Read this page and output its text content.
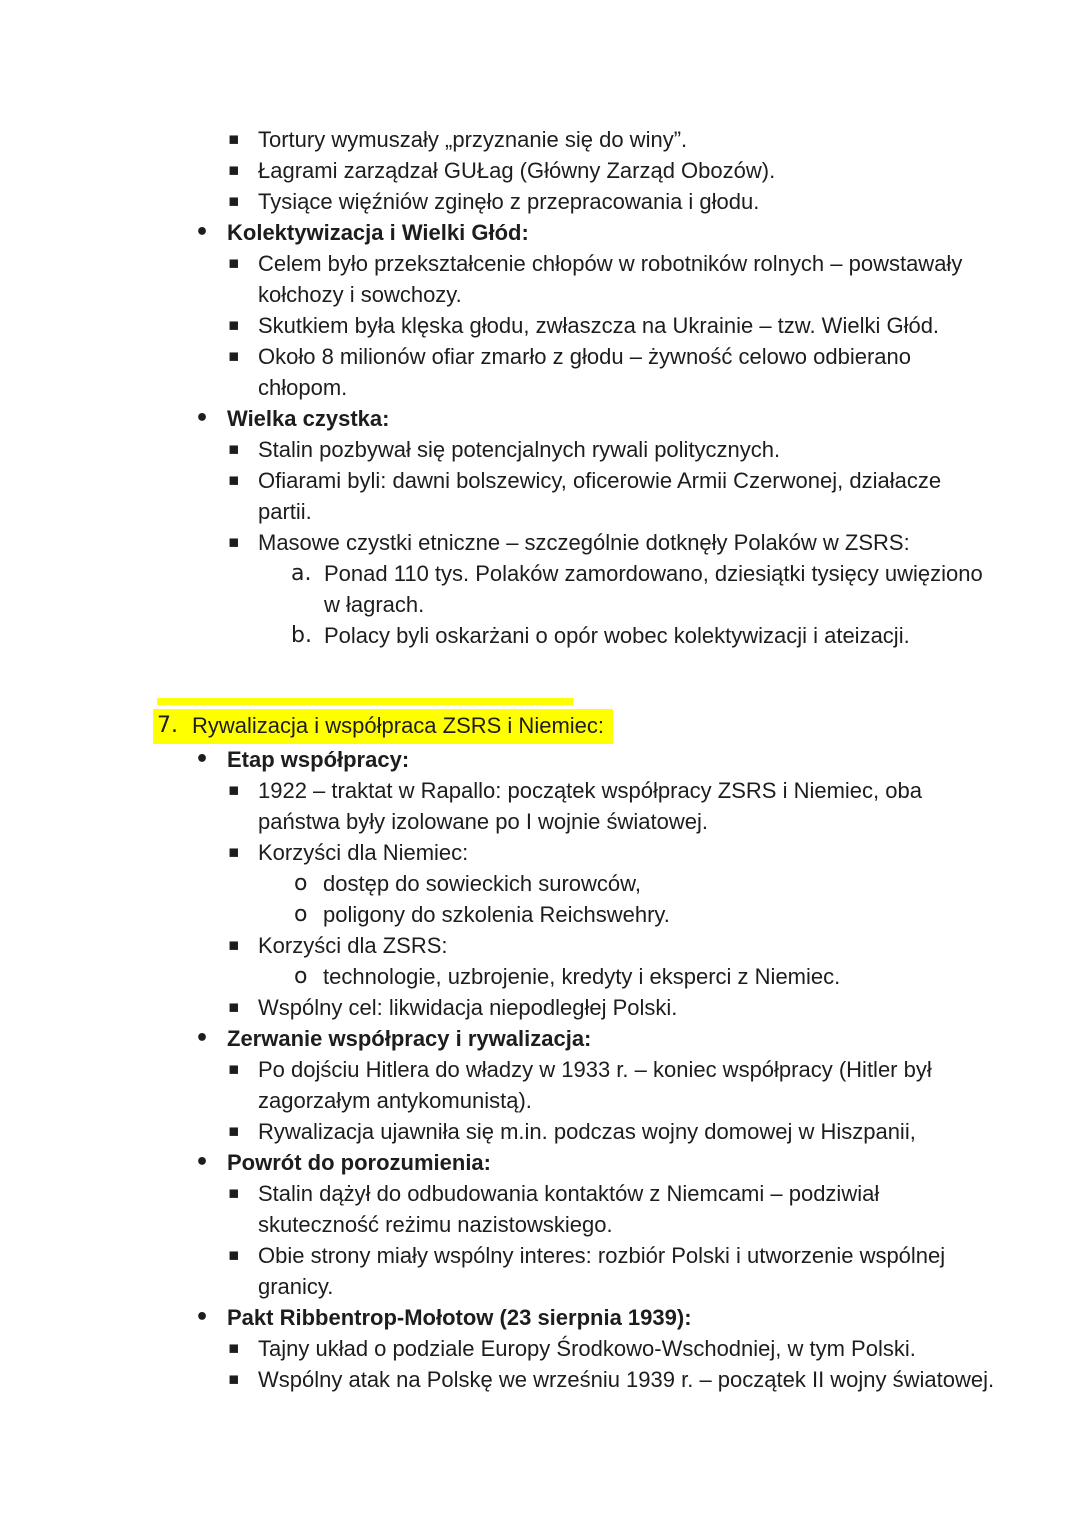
▪ Tortury wymuszały „przyznanie się do winy”.
▪ Łagrami zarządzał GUŁag (Główny Zarząd Obozów).
▪ Tysiące więźniów zginęło z przepracowania i głodu.
• Kolektywizacja i Wielki Głód:
▪ Celem było przekształcenie chłopów w robotników rolnych – powstawały
kołchozy i sowchozy.
▪ Skutkiem była klęska głodu, zwłaszcza na Ukrainie – tzw. Wielki Głód.
▪ Około 8 milionów ofiar zmarło z głodu – żywność celowo odbierano
chłopom.
• Wielka czystka:
▪ Stalin pozbywał się potencjalnych rywali politycznych.
▪ Ofiarami byli: dawni bolszewicy, oficerowie Armii Czerwonej, działacze
partii.
▪ Masowe czystki etniczne – szczególnie dotknęły Polaków w ZSRS:
a. Ponad 110 tys. Polaków zamordowano, dziesiątki tysięcy uwięziono
w łagrach.
b. Polacy byli oskarżani o opór wobec kolektywizacji i ateizacji.
7. Rywalizacja i współpraca ZSRS i Niemiec:
• Etap współpracy:
▪ 1922 – traktat w Rapallo: początek współpracy ZSRS i Niemiec, oba
państwa były izolowane po I wojnie światowej.
▪ Korzyści dla Niemiec:
o dostęp do sowieckich surowców,
o poligony do szkolenia Reichswehry.
▪ Korzyści dla ZSRS:
o technologie, uzbrojenie, kredyty i eksperci z Niemiec.
▪ Wspólny cel: likwidacja niepodległej Polski.
• Zerwanie współpracy i rywalizacja:
▪ Po dojściu Hitlera do władzy w 1933 r. – koniec współpracy (Hitler był
zagorzałym antykomunistą).
▪ Rywalizacja ujawniła się m.in. podczas wojny domowej w Hiszpanii,
• Powrót do porozumienia:
▪ Stalin dążył do odbudowania kontaktów z Niemcami – podziwiał
skuteczność reżimu nazistowskiego.
▪ Obie strony miały wspólny interes: rozbiór Polski i utworzenie wspólnej
granicy.
• Pakt Ribbentrop-Mołotow (23 sierpnia 1939):
▪ Tajny układ o podziale Europy Środkowo-Wschodniej, w tym Polski.
▪ Wspólny atak na Polskę we wrześniu 1939 r. – początek II wojny światowej.
